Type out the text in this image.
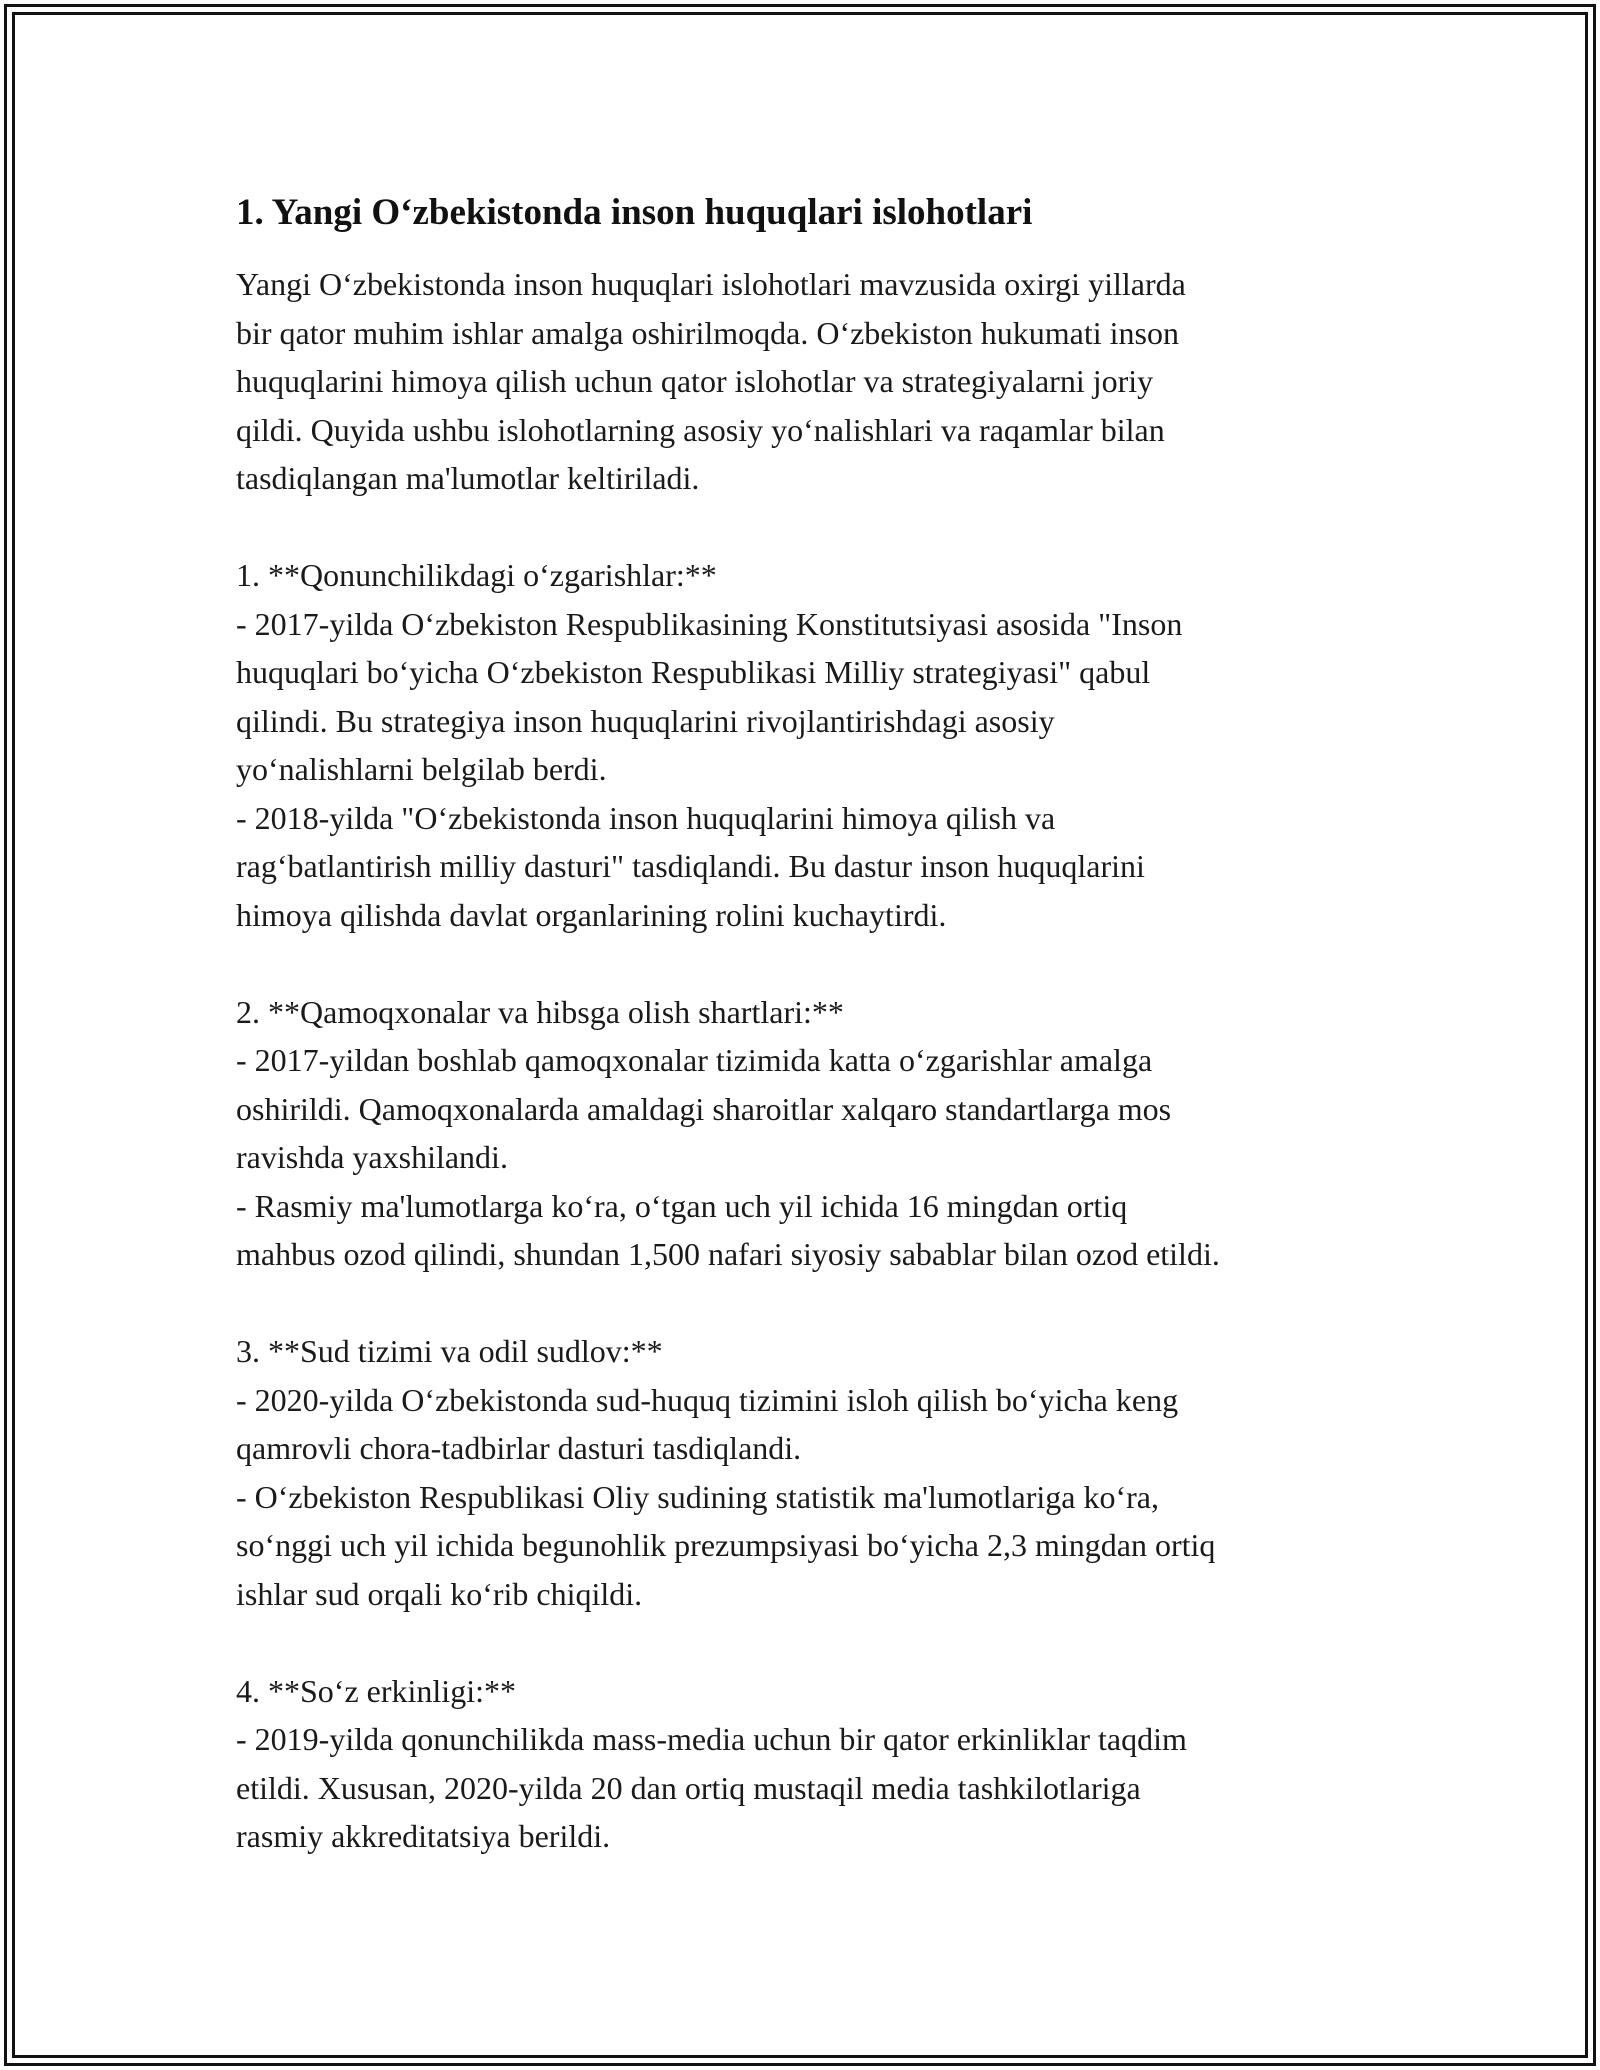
1. Yangi O‘zbekistonda inson huquqlari islohotlari

Yangi O‘zbekistonda inson huquqlari islohotlari mavzusida oxirgi yillarda
bir qator muhim ishlar amalga oshirilmoqda. O‘zbekiston hukumati inson
huquqlarini himoya qilish uchun qator islohotlar va strategiyalarni joriy
qildi. Quyida ushbu islohotlarning asosiy yo‘nalishlari va raqamlar bilan
tasdiqlangan ma'lumotlar keltiriladi.

1. **Qonunchilikdagi o‘zgarishlar:**

- 2017-yilda O‘zbekiston Respublikasining Konstitutsiyasi asosida "Inson
huquqlari bo‘yicha O‘zbekiston Respublikasi Milliy strategiyasi" qabul
qilindi. Bu strategiya inson huquqlarini rivojlantirishdagi asosiy
yo‘nalishlarni belgilab berdi.
- 2018-yilda "O‘zbekistonda inson huquqlarini himoya qilish va
rag‘batlantirish milliy dasturi" tasdiqlandi. Bu dastur inson huquqlarini
himoya qilishda davlat organlarining rolini kuchaytirdi.

2. **Qamoqxonalar va hibsga olish shartlari:**

- 2017-yildan boshlab qamoqxonalar tizimida katta o‘zgarishlar amalga
oshirildi. Qamoqxonalarda amaldagi sharoitlar xalqaro standartlarga mos
ravishda yaxshilandi.
- Rasmiy ma'lumotlarga ko‘ra, o‘tgan uch yil ichida 16 mingdan ortiq
mahbus ozod qilindi, shundan 1,500 nafari siyosiy sabablar bilan ozod etildi.

3. **Sud tizimi va odil sudlov:**

- 2020-yilda O‘zbekistonda sud-huquq tizimini isloh qilish bo‘yicha keng
qamrovli chora-tadbirlar dasturi tasdiqlandi.
- O‘zbekiston Respublikasi Oliy sudining statistik ma'lumotlariga ko‘ra,
so‘nggi uch yil ichida begunohlik prezumpsiyasi bo‘yicha 2,3 mingdan ortiq
ishlar sud orqali ko‘rib chiqildi.

4. **So‘z erkinligi:**

- 2019-yilda qonunchilikda mass-media uchun bir qator erkinliklar taqdim
etildi. Xususan, 2020-yilda 20 dan ortiq mustaqil media tashkilotlariga
rasmiy akkreditatsiya berildi.
